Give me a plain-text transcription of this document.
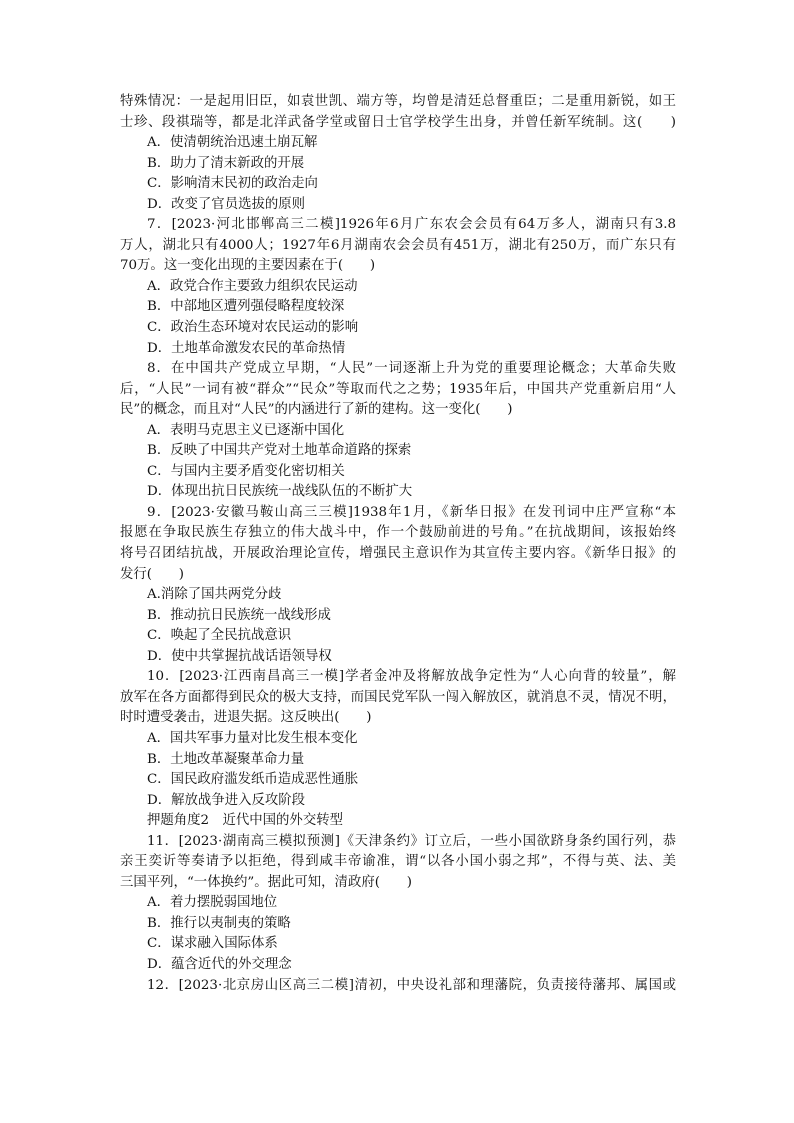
特殊情况：一是起用旧臣，如袁世凯、端方等，均曾是清廷总督重臣；二是重用新锐，如王
士珍、段祺瑞等，都是北洋武备学堂或留日士官学校学生出身，并曾任新军统制。这(　　)
A．使清朝统治迅速土崩瓦解
B．助力了清末新政的开展
C．影响清末民初的政治走向
D．改变了官员选拔的原则
7．[2023·河北邯郸高三二模]1926年6月广东农会会员有64万多人，湖南只有3.8
万人，湖北只有4000人；1927年6月湖南农会会员有451万，湖北有250万，而广东只有
70万。这一变化出现的主要因素在于(　　)
A．政党合作主要致力组织农民运动
B．中部地区遭列强侵略程度较深
C．政治生态环境对农民运动的影响
D．土地革命激发农民的革命热情
8．在中国共产党成立早期，“人民”一词逐渐上升为党的重要理论概念；大革命失败
后，“人民”一词有被“群众”“民众”等取而代之之势；1935年后，中国共产党重新启用“人
民”的概念，而且对“人民”的内涵进行了新的建构。这一变化(　　)
A．表明马克思主义已逐渐中国化
B．反映了中国共产党对土地革命道路的探索
C．与国内主要矛盾变化密切相关
D．体现出抗日民族统一战线队伍的不断扩大
9．[2023·安徽马鞍山高三三模]1938年1月，《新华日报》在发刊词中庄严宣称“本
报愿在争取民族生存独立的伟大战斗中，作一个鼓励前进的号角。”在抗战期间，该报始终
将号召团结抗战，开展政治理论宣传，增强民主意识作为其宣传主要内容。《新华日报》的
发行(　　)
A.消除了国共两党分歧
B．推动抗日民族统一战线形成
C．唤起了全民抗战意识
D．使中共掌握抗战话语领导权
10．[2023·江西南昌高三一模]学者金冲及将解放战争定性为“人心向背的较量”，解
放军在各方面都得到民众的极大支持，而国民党军队一闯入解放区，就消息不灵，情况不明，
时时遭受袭击，进退失据。这反映出(　　)
A．国共军事力量对比发生根本变化
B．土地改革凝聚革命力量
C．国民政府滥发纸币造成恶性通胀
D．解放战争进入反攻阶段
押题角度2　近代中国的外交转型
11．[2023·湖南高三模拟预测]《天津条约》订立后，一些小国欲跻身条约国行列，恭
亲王奕䜣等奏请予以拒绝，得到咸丰帝谕准，谓“以各小国小弱之邦”，不得与英、法、美
三国平列，“一体换约”。据此可知，清政府(　　)
A．着力摆脱弱国地位
B．推行以夷制夷的策略
C．谋求融入国际体系
D．蕴含近代的外交理念
12．[2023·北京房山区高三二模]清初，中央设礼部和理藩院，负责接待藩邦、属国或
